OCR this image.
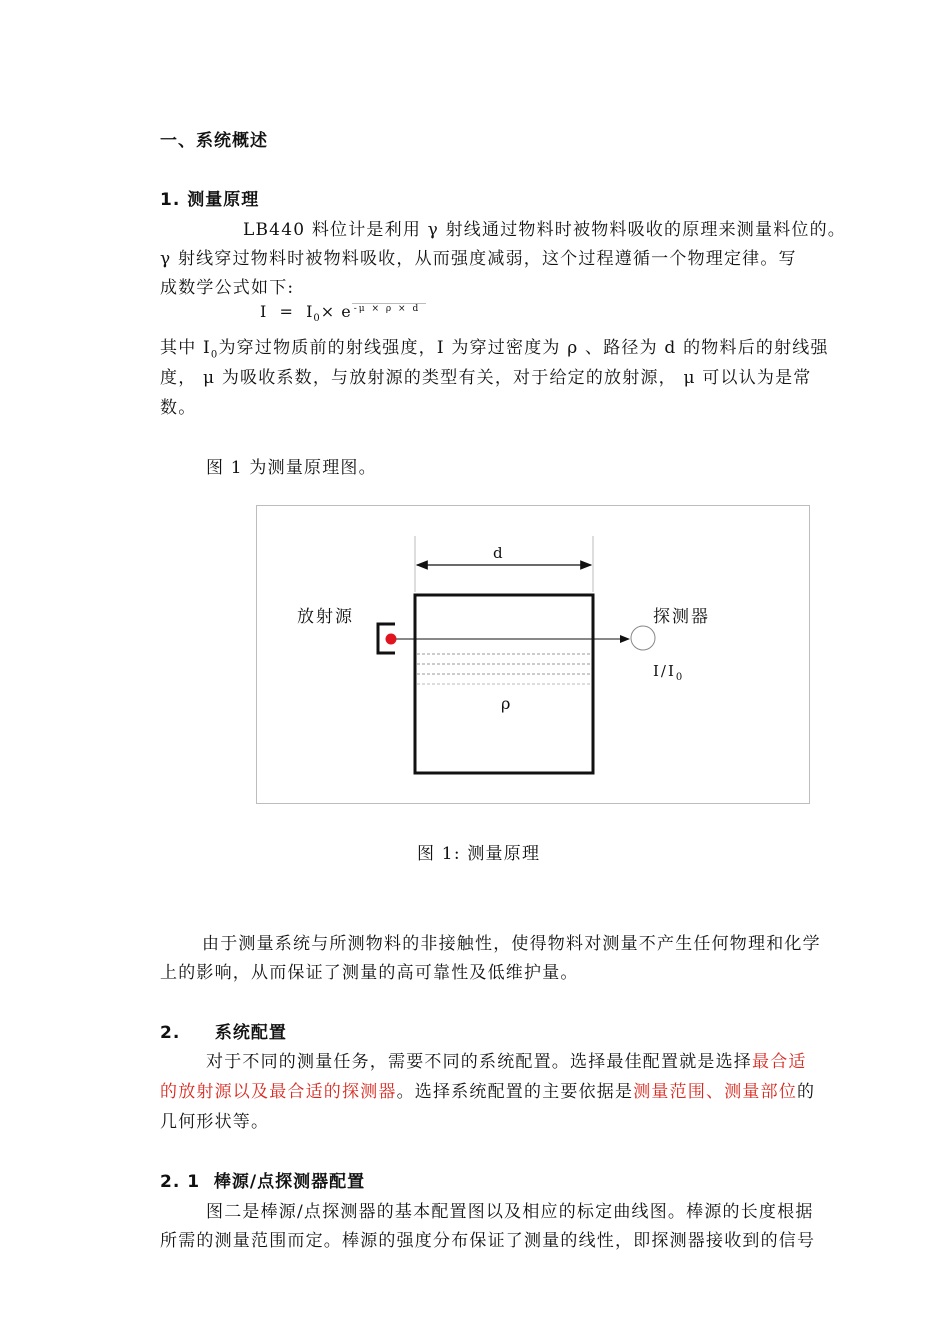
一、系统概述
1. 测量原理
LB440 料位计是利用 γ 射线通过物料时被物料吸收的原理来测量料位的。
γ 射线穿过物料时被物料吸收，从而强度减弱，这个过程遵循一个物理定律。写
成数学公式如下:
$I = I_0\times e$ $^{-\mu \times \rho \times d}$
其中 $I_0$为穿过物质前的射线强度，I 为穿过密度为 ρ 、路径为 d 的物料后的射线强
度， μ 为吸收系数，与放射源的类型有关，对于给定的放射源， μ 可以认为是常
数。
图 1 为测量原理图。
d
放射源	探测器
$I/I_0$
ρ
图 1: 测量原理
由于测量系统与所测物料的非接触性，使得物料对测量不产生任何物理和化学
上的影响，从而保证了测量的高可靠性及低维护量。
2.     系统配置
对于不同的测量任务，需要不同的系统配置。选择最佳配置就是选择最合适
的放射源以及最合适的探测器。选择系统配置的主要依据是测量范围、测量部位的
几何形状等。
2. 1  棒源/点探测器配置
图二是棒源/点探测器的基本配置图以及相应的标定曲线图。棒源的长度根据
所需的测量范围而定。棒源的强度分布保证了测量的线性，即探测器接收到的信号
